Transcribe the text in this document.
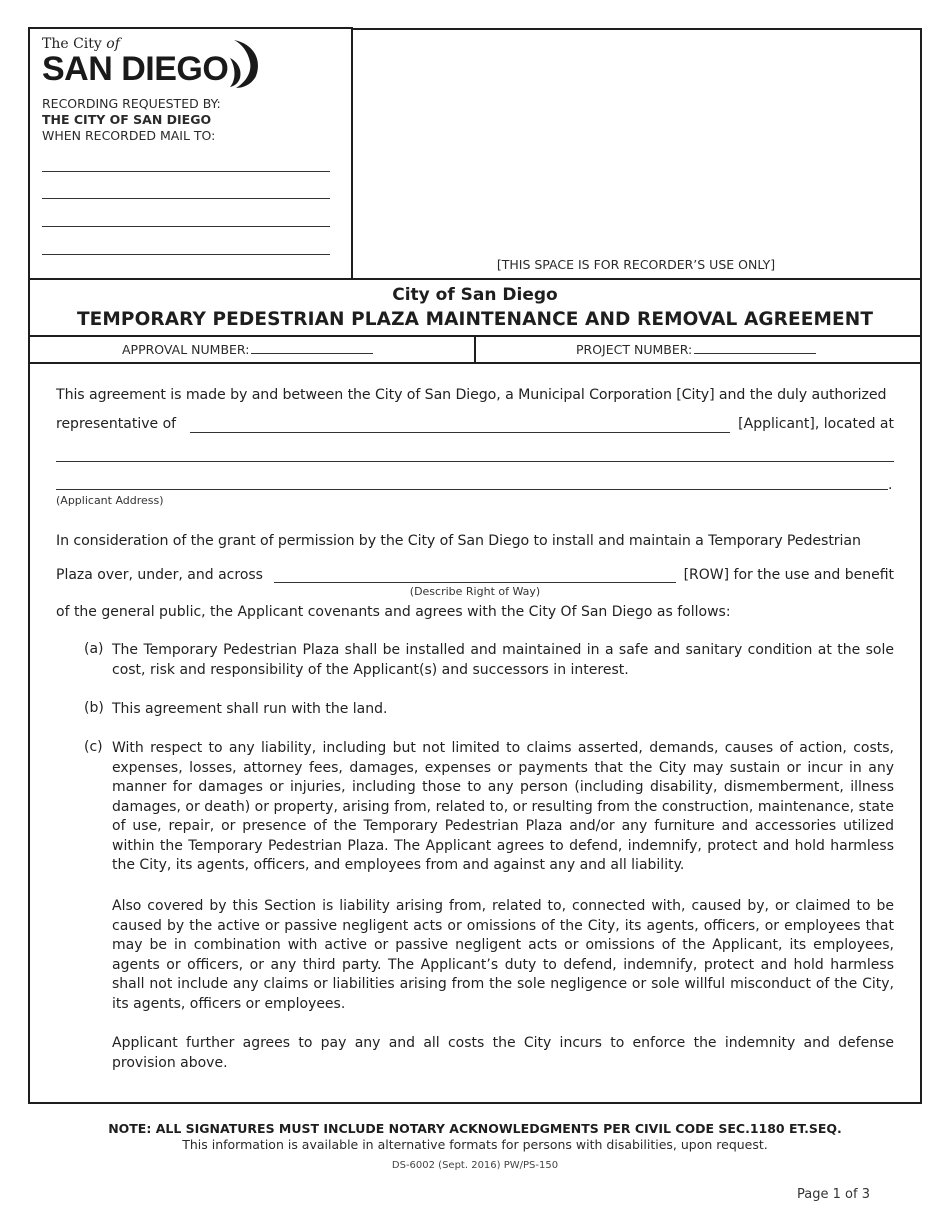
The City of
SAN DIEGO
RECORDING REQUESTED BY:
THE CITY OF SAN DIEGO
WHEN RECORDED MAIL TO:
[THIS SPACE IS FOR RECORDER’S USE ONLY]
City of San Diego
TEMPORARY PEDESTRIAN PLAZA MAINTENANCE AND REMOVAL AGREEMENT
APPROVAL NUMBER:	PROJECT NUMBER:
This agreement is made by and between the City of San Diego, a Municipal Corporation [City] and the duly authorized
representative of	[Applicant], located at
.
(Applicant Address)
In consideration of the grant of permission by the City of San Diego to install and maintain a Temporary Pedestrian
Plaza over, under, and across	[ROW] for the use and benefit
(Describe Right of Way)
of the general public, the Applicant covenants and agrees with the City Of San Diego as follows:
(a) The Temporary Pedestrian Plaza shall be installed and maintained in a safe and sanitary condition at the sole cost, risk and responsibility of the Applicant(s) and successors in interest.
(b) This agreement shall run with the land.
(c) With respect to any liability, including but not limited to claims asserted, demands, causes of action, costs, expenses, losses, attorney fees, damages, expenses or payments that the City may sustain or incur in any manner for damages or injuries, including those to any person (including disability, dismemberment, illness damages, or death) or property, arising from, related to, or resulting from the construction, maintenance, state of use, repair, or presence of the Temporary Pedestrian Plaza and/or any furniture and accessories utilized within the Temporary Pedestrian Plaza. The Applicant agrees to defend, indemnify, protect and hold harmless the City, its agents, officers, and employees from and against any and all liability.
Also covered by this Section is liability arising from, related to, connected with, caused by, or claimed to be caused by the active or passive negligent acts or omissions of the City, its agents, officers, or employees that may be in combination with active or passive negligent acts or omissions of the Applicant, its employees, agents or officers, or any third party. The Applicant’s duty to defend, indemnify, protect and hold harmless shall not include any claims or liabilities arising from the sole negligence or sole willful misconduct of the City, its agents, officers or employees.
Applicant further agrees to pay any and all costs the City incurs to enforce the indemnity and defense provision above.
NOTE: ALL SIGNATURES MUST INCLUDE NOTARY ACKNOWLEDGMENTS PER CIVIL CODE SEC.1180 ET.SEQ.
This information is available in alternative formats for persons with disabilities, upon request.
DS-6002 (Sept. 2016) PW/PS-150
Page 1 of 3
